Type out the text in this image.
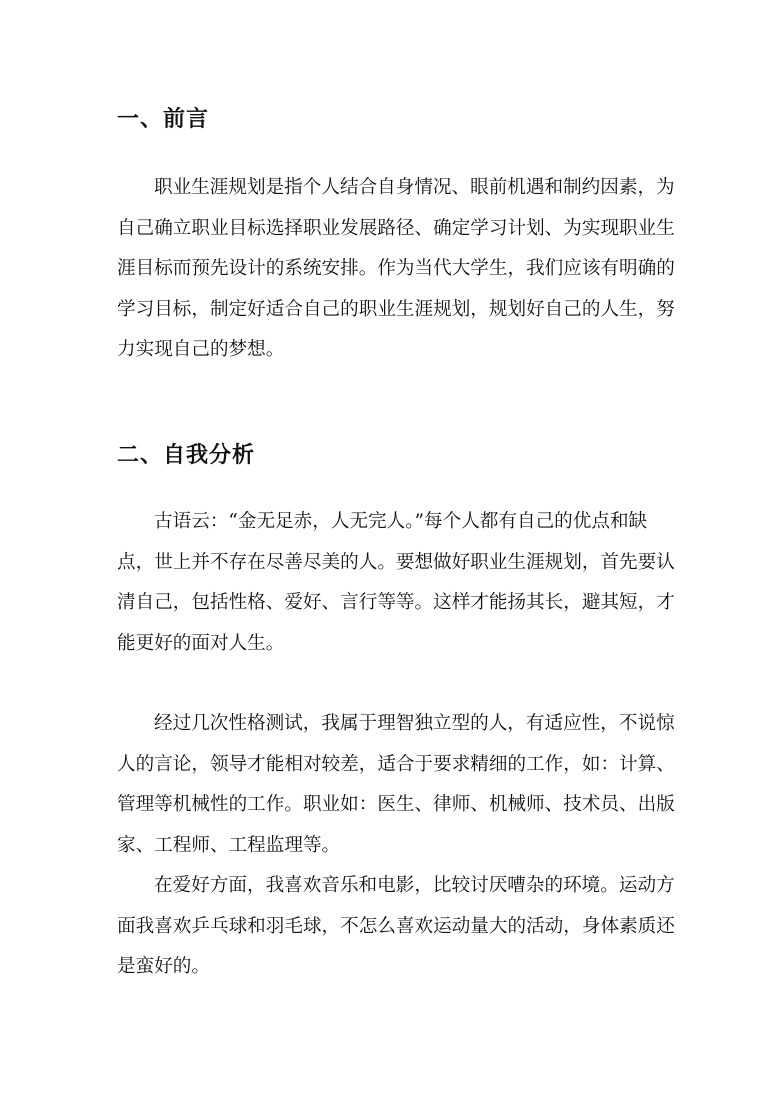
一、前言
职业生涯规划是指个人结合自身情况、眼前机遇和制约因素，为
自己确立职业目标选择职业发展路径、确定学习计划、为实现职业生
涯目标而预先设计的系统安排。作为当代大学生，我们应该有明确的
学习目标，制定好适合自己的职业生涯规划，规划好自己的人生，努
力实现自己的梦想。
二、自我分析
古语云：“金无足赤，人无完人。”每个人都有自己的优点和缺
点，世上并不存在尽善尽美的人。要想做好职业生涯规划，首先要认
清自己，包括性格、爱好、言行等等。这样才能扬其长，避其短，才
能更好的面对人生。
经过几次性格测试，我属于理智独立型的人，有适应性，不说惊
人的言论，领导才能相对较差，适合于要求精细的工作，如：计算、
管理等机械性的工作。职业如：医生、律师、机械师、技术员、出版
家、工程师、工程监理等。
在爱好方面，我喜欢音乐和电影，比较讨厌嘈杂的环境。运动方
面我喜欢乒乓球和羽毛球，不怎么喜欢运动量大的活动，身体素质还
是蛮好的。
